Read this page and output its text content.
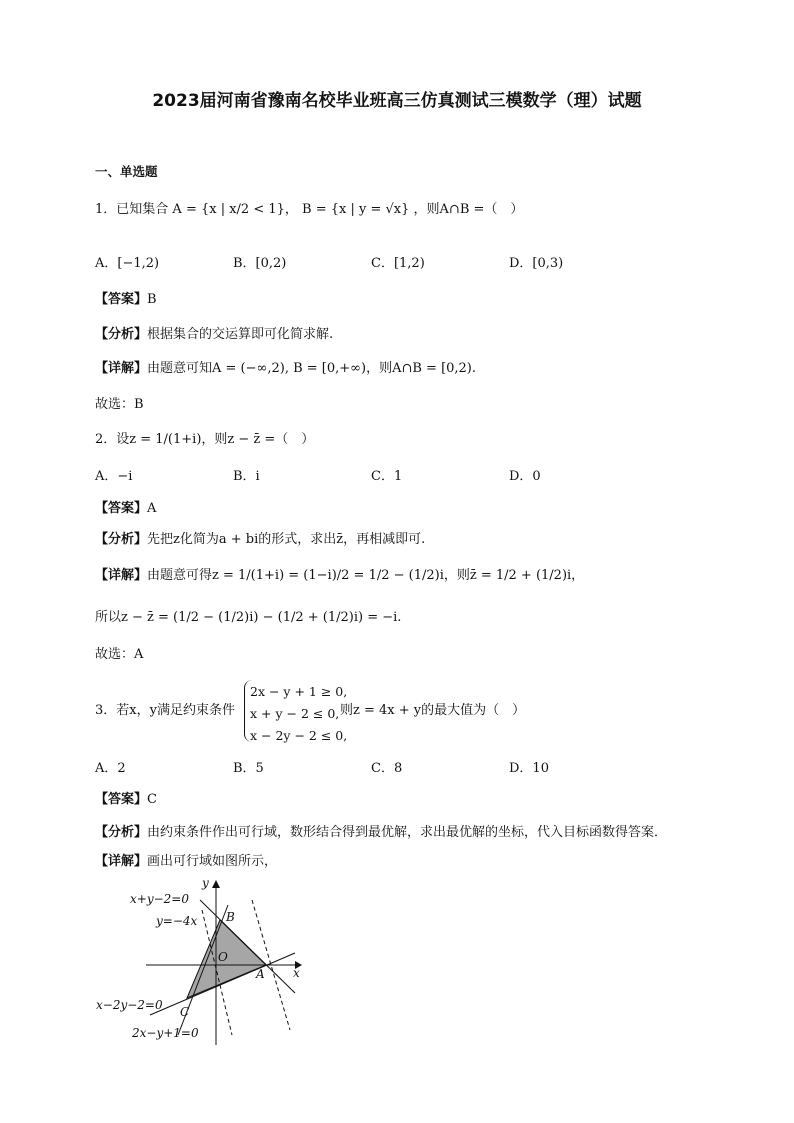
2023届河南省豫南名校毕业班高三仿真测试三模数学（理）试题
一、单选题
1．已知集合 A = {x | x/2 < 1}， B = {x | y = √x} ，则A∩B =（　）
A．[−1,2)	B．[0,2)	C．[1,2)	D．[0,3)
【答案】B
【分析】根据集合的交运算即可化简求解.
【详解】由题意可知A = (−∞,2), B = [0,+∞)，则A∩B = [0,2).
故选：B
2．设z = 1/(1+i)，则z − z̄ =（　）
A．−i	B．i	C．1	D．0
【答案】A
【分析】先把z化简为a + bi的形式，求出z̄，再相减即可.
【详解】由题意可得z = 1/(1+i) = (1−i)/2 = 1/2 − (1/2)i，则z̄ = 1/2 + (1/2)i，
所以z − z̄ = (1/2 − (1/2)i) − (1/2 + (1/2)i) = −i.
故选：A
3．若x，y满足约束条件
2x − y + 1 ≥ 0,
x + y − 2 ≤ 0,
x − 2y − 2 ≤ 0,
则z = 4x + y的最大值为（　）
A．2	B．5	C．8	D．10
【答案】C
【分析】由约束条件作出可行域，数形结合得到最优解，求出最优解的坐标，代入目标函数得答案．
【详解】画出可行域如图所示，
x+y−2=0
y=−4x
x−2y−2=0
2x−y+1=0
x
y
O
A
B
C
